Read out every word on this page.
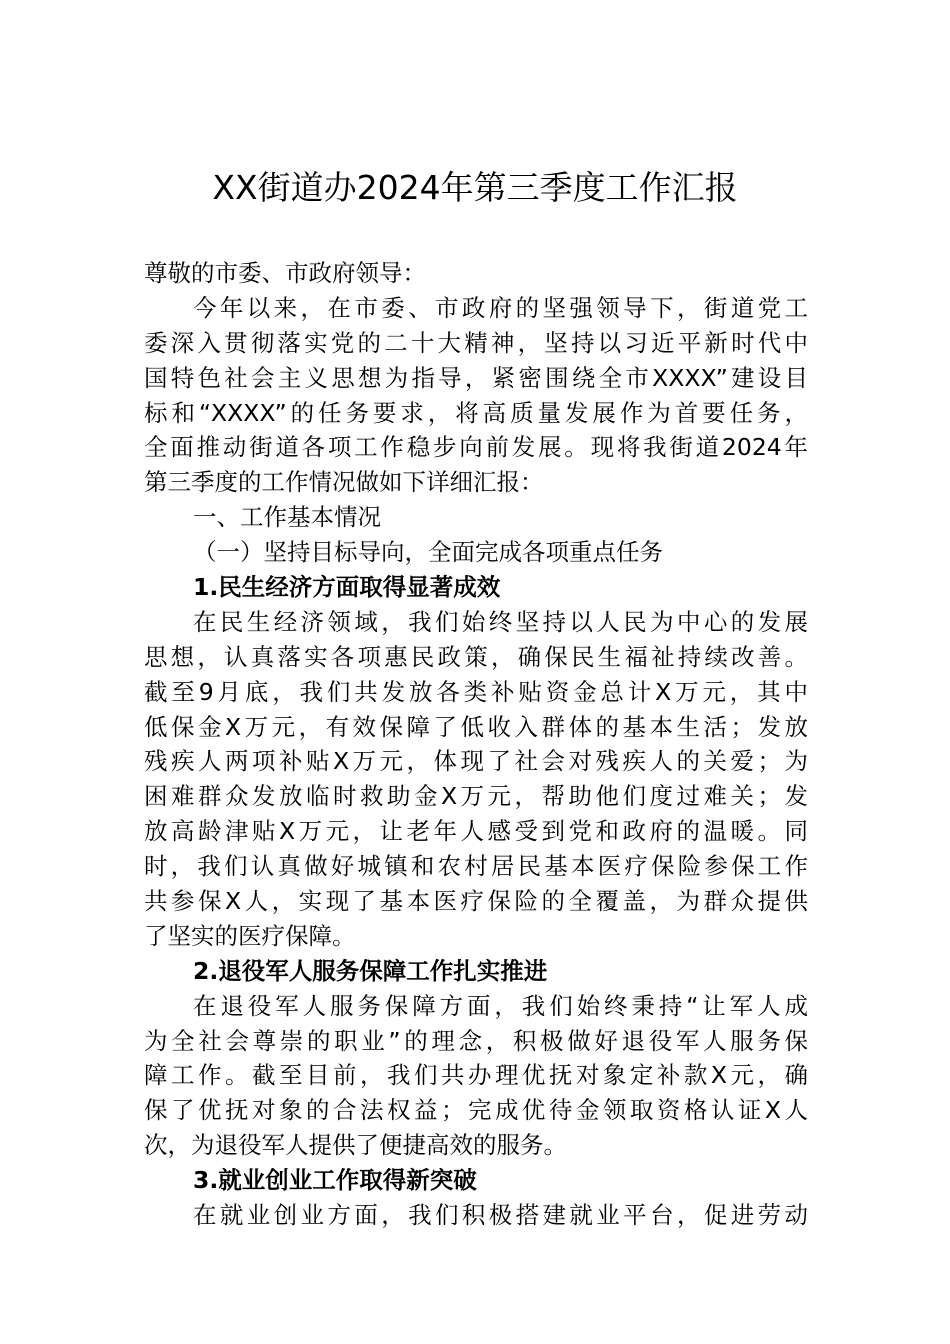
XX街道办2024年第三季度工作汇报

尊敬的市委、市政府领导：

今年以来，在市委、市政府的坚强领导下，街道党工

委深入贯彻落实党的二十大精神，坚持以习近平新时代中

国特色社会主义思想为指导，紧密围绕全市XXXX”建设目

标和“XXXX”的任务要求，将高质量发展作为首要任务，

全面推动街道各项工作稳步向前发展。现将我街道2024年

第三季度的工作情况做如下详细汇报：

一、工作基本情况

（一）坚持目标导向，全面完成各项重点任务

1.民生经济方面取得显著成效

在民生经济领域，我们始终坚持以人民为中心的发展

思想，认真落实各项惠民政策，确保民生福祉持续改善。

截至9月底，我们共发放各类补贴资金总计X万元，其中

低保金X万元，有效保障了低收入群体的基本生活；发放

残疾人两项补贴X万元，体现了社会对残疾人的关爱；为

困难群众发放临时救助金X万元，帮助他们度过难关；发

放高龄津贴X万元，让老年人感受到党和政府的温暖。同

时，我们认真做好城镇和农村居民基本医疗保险参保工作

共参保X人，实现了基本医疗保险的全覆盖，为群众提供

了坚实的医疗保障。

2.退役军人服务保障工作扎实推进

在退役军人服务保障方面，我们始终秉持“让军人成

为全社会尊崇的职业”的理念，积极做好退役军人服务保

障工作。截至目前，我们共办理优抚对象定补款X元，确

保了优抚对象的合法权益；完成优待金领取资格认证X人

次，为退役军人提供了便捷高效的服务。

3.就业创业工作取得新突破

在就业创业方面，我们积极搭建就业平台，促进劳动
